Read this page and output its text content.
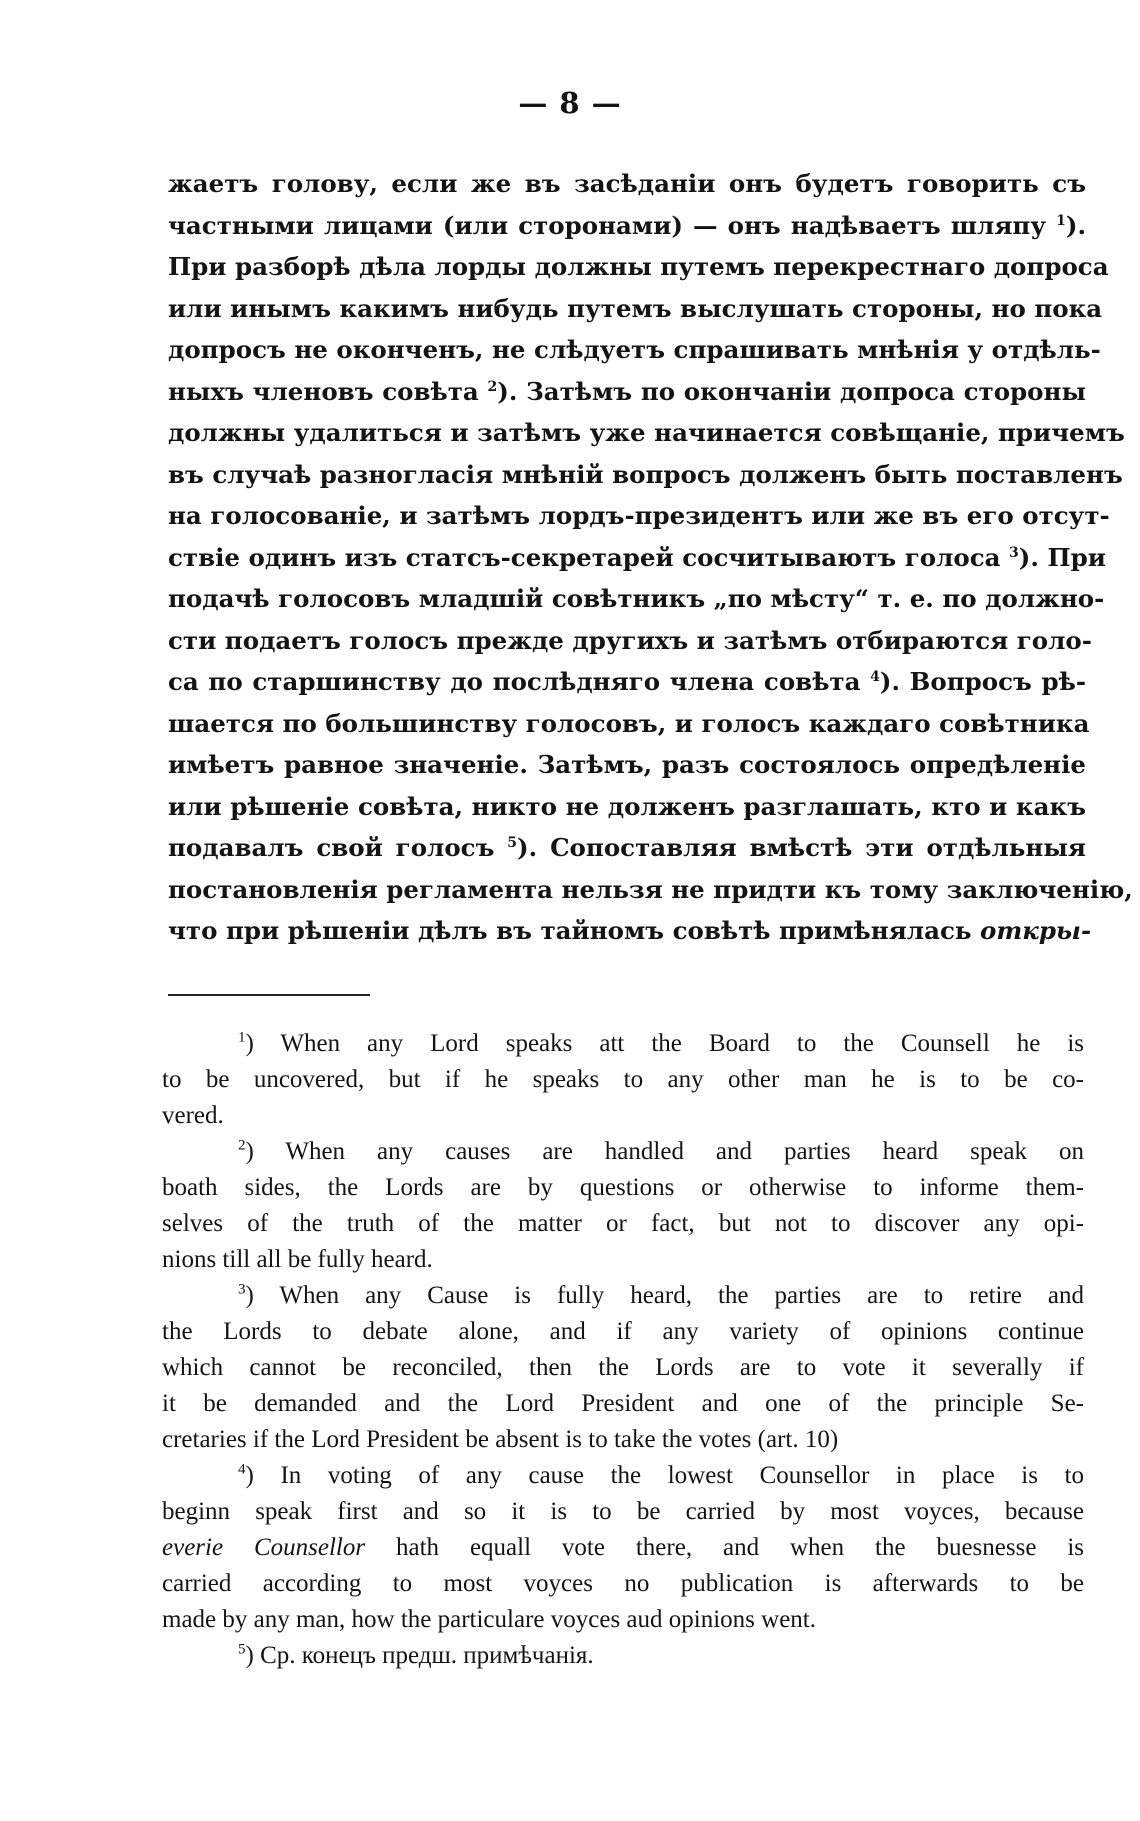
— 8 —
жаетъ голову, если же въ засѣданіи онъ будетъ говорить съ
частными лицами (или сторонами) — онъ надѣваетъ шляпу $^1$).
При разборѣ дѣла лорды должны путемъ перекрестнаго допроса
или инымъ какимъ нибудь путемъ выслушать стороны, но пока
допросъ не оконченъ, не слѣдуетъ спрашивать мнѣнія у отдѣль-
ныхъ членовъ совѣта $^2$). Затѣмъ по окончаніи допроса стороны
должны удалиться и затѣмъ уже начинается совѣщаніе, причемъ
въ случаѣ разногласія мнѣній вопросъ долженъ быть поставленъ
на голосованіе, и затѣмъ лордъ-президентъ или же въ его отсут-
ствіе одинъ изъ статсъ-секретарей сосчитываютъ голоса $^3$). При
подачѣ голосовъ младшій совѣтникъ „по мѣсту“ т. е. по должно-
сти подаетъ голосъ прежде другихъ и затѣмъ отбираются голо-
са по старшинству до послѣдняго члена совѣта $^4$). Вопросъ рѣ-
шается по большинству голосовъ, и голосъ каждаго совѣтника
имѣетъ равное значеніе. Затѣмъ, разъ состоялось опредѣленіе
или рѣшеніе совѣта, никто не долженъ разглашать, кто и какъ
подавалъ свой голосъ $^5$). Сопоставляя вмѣстѣ эти отдѣльныя
постановленія регламента нельзя не придти къ тому заключенію,
что при рѣшеніи дѣлъ въ тайномъ совѣтѣ примѣнялась откры-
$^1$) When any Lord speaks att the Board to the Counsell he is
to be uncovered, but if he speaks to any other man he is to be co-
vered.
$^2$) When any causes are handled and parties heard speak on
boath sides, the Lords are by questions or otherwise to informe them-
selves of the truth of the matter or fact, but not to discover any opi-
nions till all be fully heard.
$^3$) When any Cause is fully heard, the parties are to retire and
the Lords to debate alone, and if any variety of opinions continue
which cannot be reconciled, then the Lords are to vote it severally if
it be demanded and the Lord President and one of the principle Se-
cretaries if the Lord President be absent is to take the votes (art. 10)
$^4$) In voting of any cause the lowest Counsellor in place is to
beginn speak first and so it is to be carried by most voyces, because
everie Counsellor hath equall vote there, and when the buesnesse is
carried according to most voyces no publication is afterwards to be
made by any man, how the particulare voyces aud opinions went.
$^5$) Ср. конецъ предш. примѣчанія.
